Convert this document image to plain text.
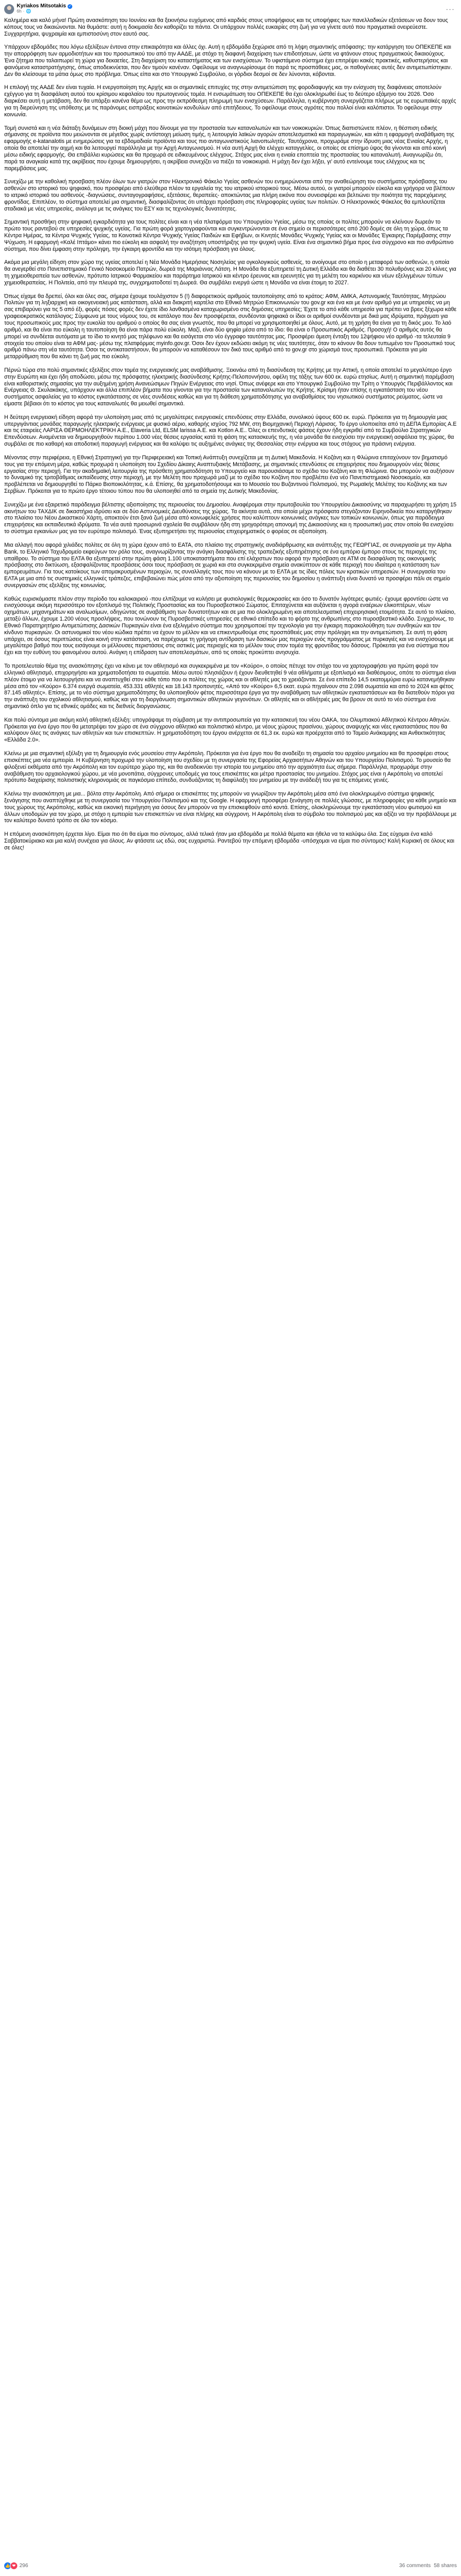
Kyriakos Mitsotakis ✓
6h · 🌐	···

Καλημέρα και καλό μήνα! Πρώτη ανασκόπηση του Ιουνίου και θα ξεκινήσω ευχόμενος από καρδιάς στους υποψήφιους και τις υποψήφιες των πανελλαδικών εξετάσεων να δουν τους κόπους τους να δικαιώνονται. Να θυμάστε: αυτή η δοκιμασία δεν καθορίζει τα πάντα. Οι υπάρχουν πολλές ευκαιρίες στη ζωή για να γίνετε αυτό που πραγματικά ονειρεύεστε. Συγχαρητήρια, ψυχραιμία και εμπιστοσύνη στον εαυτό σας.

Υπάρχουν εβδομάδες που λόγω εξελίξεων έντονα στην επικαιρότητα και άλλες όχι. Αυτή η εβδομάδα ξεχώρισε από τη λήψη σημαντικής απόφασης: την κατάργηση του ΟΠΕΚΕΠΕ και την απορρόφηση των αρμοδιοτήτων και του προσωπικού του από την ΑΑΔΕ, με στόχο τη διαφανή διαχείριση των επιδοτήσεων, ώστε να φτάνουν στους πραγματικούς δικαιούχους. Ένα ζήτημα που ταλαιπωρεί τη χώρα για δεκαετίες. Στη διαχείριση του καταστήματος και των ενισχύσεων. Το υφιστάμενο σύστημα έχει επιτρέψει κακές πρακτικές, καθυστερήσεις και φαινόμενα καταστρατήγησης, όπως αποδεικνύεται, που δεν τιμούν κανέναν. Οφείλουμε να αναγνωρίσουμε ότι παρά τις προσπάθειες μας, οι παθογένειες αυτές δεν αντιμετωπίστηκαν. Δεν θα κλείσουμε τα μάτια όμως στο πρόβλημα. Όπως είπα και στο Υπουργικό Συμβούλιο, οι γόρδιοι δεσμοί σε δεν λύνονται, κόβονται.

Η επιλογή της ΑΑΔΕ δεν είναι τυχαία. Η ενεργοποίηση της Αρχής και οι σημαντικές επιτυχίες της στην αντιμετώπιση της φοροδιαφυγής και την ενίσχυση της διαφάνειας αποτελούν εχέγγυο για τη διασφάλιση αυτού του κρίσιμου κεφαλαίου του πρωτογενούς τομέα. Η ενσωμάτωση του ΟΠΕΚΕΠΕ θα έχει ολοκληρωθεί έως το δεύτερο εξάμηνο του 2026. Όσο διαρκέσει αυτή η μετάβαση, δεν θα υπάρξει κανένα θέμα ως προς την εκπρόθεσμη πληρωμή των ενισχύσεων. Παράλληλα, η κυβέρνηση συνεργάζεται πλήρως με τις ευρωπαϊκές αρχές για τη διερεύνηση της υπόθεσης με τις παράνομες εισπράξεις κοινοτικών κονδυλίων από επιτήδειους. Το οφείλουμε στους αγρότες που πολλοί είναι καλόπιστοι. Το οφείλουμε στην κοινωνία.

Τομή συνιστά και η νέα διάταξη δυνάμεων στη διοική μάχη που δίνουμε για την προστασία των καταναλωτών και των νοικοκυριών. Όπως διαπιστώνετε πλέον, η θέσπιση ειδικής σήμανσης σε προϊόντα που μειώνονται σε μέγεθος χωρίς αντίστοιχη μείωση τιμής, η λειτουργία λαϊκών αγορών αποτελεσματικά και παραγωγικών, και κάτι η εφαρμογή αναβάθμιση της εφαρμογής e-katanalotis με ενημερώσεις για τα εβδομαδιαία προϊόντα και τους πιο ανταγωνιστικούς λιανοπωλητές. Ταυτόχρονα, προχωράμε στην ίδρυση μιας νέας Ενιαίας Αρχής, η οποία θα αποτελεί την αιχμή και θα λειτουργεί παράλληλα με την Αρχή Ανταγωνισμού. Η νέα αυτή Αρχή θα ελέγχει καταγγελίες, οι οποίες σε επίσημο ύψος θα γίνονται και από κοινή μέσω ειδικής εφαρμογής. Θα επιβάλλει κυρώσεις και θα προχωρά σε ειδικευμένους ελέγχους. Στόχος μας είναι η ενιαία εποπτεία της προστασίας του καταναλωτή. Αναγνωρίζω ότι, παρά τα αναγκαία κατά της ακρίβειας που έχουμε δημιουργήσει, η ακρίβεια συνεχίζει να πιέζει τα νοικοκυριά. Η μάχη δεν έχει λήξει, γι' αυτό εντείνουμε τους ελέγχους και τις παρεμβάσεις μας.

Συνεχίζω με την καθολική προσβαση πλέον όλων των γιατρών στον Ηλεκτρονικό Φάκελο Υγείας ασθενών του ενημερώνονται από την αναθεώρηση του συστήματος πρόσβασης του ασθενών στο ιστορικό του ψηφιακό, που προσφέρει από ελεύθερα πλέον τα εργαλεία της του ιατρικού ιστορικού τους. Μέσω αυτού, οι γιατροί μπορούν εύκολα και γρήγορα να βλέπουν το ιατρικό ιστορικό του ασθενούς -διαγνώσεις, συνταγογραφήσεις, εξετάσεις, θεραπείες- αποκτώντας μια πλήρη εικόνα που συνεισφέρει και βελτιώνει την ποιότητα της παρεχόμενης φροντίδας. Επιπλέον, το σύστημα αποτελεί μια σημαντική, διασφαλίζοντας ότι υπάρχει πρόσβαση στις πληροφορίες υγείας των πολιτών. Ο Ηλεκτρονικός Φάκελος θα εμπλουτίζεται σταδιακά με νέες υπηρεσίες, ανάλογα με τις ανάγκες του ΕΣΥ και τις τεχνολογικές δυνατότητες.

Σημαντική προσθήκη στην ψηφιακή εγκαρδιότητα για τους πολίτες είναι και η νέα πλατφόρμα του Υπουργείου Υγείας, μέσω της οποίας οι πολίτες μπορούν να κλείνουν δωρεάν το πρώτο τους ραντεβού σε υπηρεσίες ψυχικής υγείας. Για πρώτη φορά χαρτογραφούνται και συγκεντρώνονται σε ένα σημείο οι περισσότερες από 200 δομές σε όλη τη χώρα, όπως τα Κέντρα Ημέρας, τα Κέντρα Ψυχικής Υγείας, τα Κοινοτικά Κέντρα Ψυχικής Υγείας Παιδιών και Εφήβων, οι Κινητές Μονάδες Ψυχικής Υγείας και οι Μονάδες Έγκαιρης Παρέμβασης στην Ψύχωση. Η εφαρμογή «Καλέ Ιπτάμο» κάνει πιο εύκολη και ασφαλή την αναζήτηση υποστήριξης για την ψυχική υγεία. Είναι ένα σημαντικό βήμα προς ένα σύγχρονο και πιο ανθρώπινο σύστημα, που δίνει έμφαση στην πρόληψη, την έγκαιρη φροντίδα και την ισότιμη πρόσβαση για όλους.

Ακόμα μια μεγάλη είδηση στον χώρο της υγείας αποτελεί η Νέα Μονάδα Ημερήσιας Νοσηλείας για ογκολογικούς ασθενείς, το ανοίγουμε στο οποίο η μεταφορά των ασθενών, η οποία θα ανεγερθεί στο Πανεπιστημιακό Γενικό Νοσοκομείο Πατρών, δωρεά της Μαριάννας Λάτση. Η Μονάδα θα εξυπηρετεί τη Δυτική Ελλάδα και θα διαθέτει 30 πολυθρόνες και 20 κλίνες για τη χημειοθεραπεία των ασθενών, πρότυπο Ιατρικού Φαρμακείου και παράρτημα Ιατρικού και κέντρο έρευνας και ερευνητές για τη μελέτη του καρκίνου και νέων εξελιγμένων τύπων χημειοθεραπείας. Η Πολιτεία, από την πλευρά της, συγχρηματοδοτεί τη Δωρεά. Θα συμβάλει ενεργά ώστε η Μονάδα να είναι έτοιμη το 2027.

Όπως είχαμε θα δρεπεί, όλοι και όλες σας, σήμερα έχουμε τουλάχιστον 5 (!) διαφορετικούς αριθμούς ταυτοποίησης από το κράτος: ΑΦΜ, ΑΜΚΑ, Αστυνομικής Ταυτότητας, Μητρώου Πολιτών για τη ληξιαρχική και οικογενειακή μας κατάσταση, αλλά και διακριτή καρτέλα στο Εθνικό Μητρώο Επικοινωνιών του gov.gr και ένα και με έναν αριθμό για με υπηρεσίες να μη σας επιβαρύνει για τις 5 από έξι, φορές πόσες φορές δεν έχετε ίδιο λανθασμένα καταχωρισμένο στις δημόσιες υπηρεσίες; Έχετε το από κάθε υπηρεσία για πρέπει να βρεις ξέχωρα κάθε γραφειοκρατικός κατάλογος; Σύμφωνα με τους νόμους του, σε κατάλογο που δεν προσφέρεται, συνδέονται ψηφιακά οι ίδιοι οι αριθμοί συνδέονται με δικά μας ιδρύματα, πράγματι για τους προσωπικούς μας προς την ευκολία του αριθμού ο οποίος θα σας είναι γνωστός, που θα μπορεί να χρησιμοποιηθεί με όλους. Αυτό, με τη χρήση θα είναι για τη δικός μου. Το λαό αριθμό, και θα είναι πιο εύκολη η ταυτοποίηση θα είναι πάρα πολύ εύκολη. Μαζί, είναι δύο ψηφία μέσα από το ίδιο: θα είναι ο Προσωπικός Αριθμός. Προσοχή! Ο αριθμός αυτός θα μπορεί να συνδέεται αυτόματα με το ίδιο το κινητό μας τηλέφωνο και θα εισάγεται στο νέο έγγραφο ταυτότητας μας. Προσφέρει άμεση ένταξη του 12ψήφιου νέο αριθμό -τα τελευταία 9 στοιχεία του οποίου είναι τα ΑΦΜ μας- μέσω της πλατφόρμας myinfo.gov.gr. Όσοι δεν έχουν εκδώσει ακόμη τις νέες ταυτότητες, όταν το κάνουν θα δουν τυπωμένο τον Προσωπικό τους αριθμό πάνω στη νέα ταυτότητα. Όσοι τις αντικαταστήσουν, θα μπορούν να καταθέσουν τον δικό τους αριθμό από το gov.gr στο χώρισμά τους προσωπικά. Πρόκειται για μία μεταρρύθμιση που θα κάνει τη ζωή μας πιο εύκολη.

Πέρνώ τώρα στο πολύ σημαντικές εξελίξεις στον τομέα της ενεργειακής μας αναβάθμισης. Ξεκινάω από τη διασύνδεση της Κρήτης με την Αττική, η οποία αποτελεί το μεγαλύτερο έργο στην Ευρώπη και έχει ήδη αποδώσει, μέσω της πρόσφατης ηλεκτρικής διασύνδεσης Κρήτης-Πελοποννήσου, οφέλη της τάξης των 600 εκ. ευρώ ετησίως. Αυτή η σημαντική παρέμβαση είναι καθοριστικής σημασίας για την αυξημένη χρήση Ανανεώσιμων Πηγών Ενέργειας στο νησί. Όπως ανέφερε και στο Υπουργικό Συμβούλιο την Τρίτη ο Υπουργός Περιβάλλοντος και Ενέργειας Θ. Σκυλακάκης, υπάρχουν και άλλα επιπλέον βήματα που γίνονται για την προστασία των καταναλωτών της Κρήτης. Κρίσιμη ήταν επίσης η εγκατάσταση του νέου συστήματος ασφαλείας για το κόστος εγκατάστασης σε νέες συνδέσεις καθώς και για τη διάθεση χρηματοδότησης για αναβαθμίσεις του νησιωτικού συστήματος ρεύματος, ώστε να είμαστε βέβαιοι ότι το κόστος για τους καταναλωτές θα μειωθεί σημαντικά.

Η δεύτερη ενεργειακή είδηση αφορά την υλοποίηση μιας από τις μεγαλύτερες ενεργειακές επενδύσεις στην Ελλάδα, συνολικού ύψους 600 εκ. ευρώ. Πρόκειται για τη δημιουργία μιας υπεργιγάντιας μονάδας παραγωγής ηλεκτρικής ενέργειας με φυσικό αέριο, καθαρής ισχύος 792 MW, στη Βιομηχανική Περιοχή Λάρισας. Το έργο υλοποιείται από τη ΔΕΠΑ Εμπορίας Α.Ε και τις εταιρείες ΛΑΡΙΣΑ ΘΕΡΜΟΗΛΕΚΤΡΙΚΗ Α.Ε., Elaveria Ltd, ELSM larissa A.E. και Kotlon A.E.. Όλες οι επενδυτικές φάσεις έχουν ήδη εγκριθεί από το Συμβούλιο Στρατηγικών Επενδύσεων. Αναμένεται να δημιουργηθούν περίπου 1.000 νέες θέσεις εργασίας κατά τη φάση της κατασκευής της, η νέα μονάδα θα ενισχύσει την ενεργειακή ασφάλεια της χώρας, θα συμβάλει σε πιο καθαρή και αποδοτική παραγωγή ενέργειας και θα καλύψει τις αυξημένες ανάγκες της Θεσσαλίας στην ενέργεια και τους στόχους για πράσινη ενέργεια.

Μένοντας στην περιφέρεια, η Εθνική Στρατηγική για την Περιφερειακή και Τοπική Ανάπτυξη συνεχίζεται με τη Δυτική Μακεδονία. Η Κοζάνη και η Φλώρινα επιταχύνουν τον βηματισμό τους για την επόμενη μέρα, καθώς προχωρά η υλοποίηση του Σχεδίου Δίκαιης Αναπτυξιακής Μετάβασης, με σημαντικές επενδύσεις σε επιχειρήσεις που δημιουργούν νέες θέσεις εργασίας στην περιοχή. Για την ακαδημαϊκή λειτουργία της πρόσθετη χρηματοδότηση το Υπουργείο και παρουσιάσαμε το σχέδιο του Κοζάνη και τη Φλώρινα. Θα μπορούν να αυξήσουν το δυναμικό της τριτοβάθμιας εκπαίδευσης στην περιοχή, με την Μελέτη που προχωρά μαζί με το σχέδιο του Κοζάνη που προβλέπει ένα νέο Πανεπιστημιακό Νοσοκομείο, και προβλέπεται να δημιουργηθεί το Πάρκο Βιοποικιλότητας, κ.ά. Επίσης, θα χρηματοδοτήσουμε και το Μουσείο του Βυζαντινού Πολιτισμού, της Ρωμαϊκής Μελέτης του Κοζάνης και των Σερβίων. Πρόκειται για το πρώτο έργο τέτοιου τύπου που θα υλοποιηθεί από τα σημεία της Δυτικής Μακεδονίας.

Συνεχίζω με ένα εξαιρετικό παράδειγμα βέλτιστης αξιοποίησης της περιουσίας του Δημοσίου. Αναφέρομαι στην πρωτοβουλία του Υπουργείου Δικαιοσύνης να παραχωρήσει τη χρήση 15 ακινήτων του ΤΑΧΔΙΚ σε δικαστήρια ιδρύσει και σε δύο Αστυνομικές Διευθύνσεις της χώρας. Τα ακίνητα αυτά, στα οποία μέχρι πρόσφατα στεγάζονταν Ειρηνοδικεία που καταργήθηκαν στο πλαίσιο του Νέου Δικαστικού Χάρτη, αποκτούν έτσι ξανά ζωή μέσα από κοινωφελείς χρήσεις που καλύπτουν κοινωνικές ανάγκες των τοπικών κοινωνιών, όπως για παράδειγμα επιχειρήσεις και εκπαιδευτικά ιδρύματα. Τα νέα αυτά προσωρινά σχολεία θα συμβάλουν ήδη στη γρηγορότερη απονομή της Δικαιοσύνης και η προσωπική μας στον οποίο θα ενισχύσει το σύστημα εγκαινίων μας για τον ευρύτερο πολιτισμό. Ένας εξυπηρετήσει της περιουσίας επιχειρηματικός ο φορέας σε αξιοποίηση.

Μια αλλαγή που αφορά χιλιάδες πολίτες σε όλη τη χώρα έχουν από το ΕΑΤΑ, στο πλαίσιο της στρατηγικής αναδιάρθρωσης και ανάπτυξης της ΓΕΩΡΓΙΑΣ, σε συνεργασία με την Alpha Bank, το Ελληνικό Ταχυδρομείο εκφεύγων τον ρόλο τους, αναγνωρίζοντας την ανάγκη διασφάλισης της τραπεζικής εξυπηρέτησης σε ένα εμπόριο έμπορο στους τις περιοχές της υπαίθρου. Το σύστημα του ΕΛΤΑ θα εξυπηρετεί στην πρώτη φάση 1.100 υποκαταστήματα που επί ελάχιστων που αφορά την πρόσβαση σε ΑΤΜ σε διασφάλιση της οικονομικής πρόσβασης στο δικτύωση, εξασφαλίζοντας προσβάσεις όσοι τους πρόσβαση σε χωριά και στα συγκεκριμένα σημεία ανακύπτουν σε κάθε περιοχή που ιδιαίτερα η κατάσταση των εμπορευμάτων. Για τους κατοίκους των απομακρυσμένων περιοχών, τις συναλλαγές τους που να κάνουν με το ΕΛΤΑ με τις ίδιες πόλεις των κρατικών υπηρεσιών. Η συνεργασία του ΕΛΤΑ με μια από τις συστημικές ελληνικές τράπεζες, επιβεβαιώνει πώς μέσα από την αξιοποίηση της περιουσίας του δημοσίου η ανάπτυξη είναι δυνατό να προσφέρει πάλι σε σημείο συνεργασιών στις εξελίξεις της κοινωνίας.

Καθώς ευρισκόμαστε πλέον στην περίοδο του καλοκαιριού -που ελπίζουμε να κυλήσει με φυσιολογικές θερμοκρασίες και όσο το δυνατόν λιγότερες φωτιές- έχουμε φροντίσει ώστε να ενισχύσουμε ακόμη περισσότερο τον εξοπλισμό της Πολιτικής Προστασίας και του Πυροσβεστικού Σώματος. Επιταχύνεται και αυξάνεται η αγορά εναέριων ελικοπτέρων, νέων οχημάτων, μηχανημάτων και αναλωσίμων, οδηγώντας σε αναβάθμιση των δυνατοτήτων και σε μια πιο ολοκληρωμένη και αποτελεσματική επιχειρησιακή ετοιμότητα. Σε αυτό το πλαίσιο, μεταξύ άλλων, έχουμε 1.200 νέους προσλήψεις, που τονώνουν τις Πυροσβεστικές υπηρεσίες σε εθνικό επίπεδο και το φόρτο της ανθρωπίνης στο πυροσβεστικό κλάδο. Συγχρόνως, το Εθνικό Παρατηρητήριο Αντιμετώπισης Δασικών Πυρκαγιών είναι ένα εξελιγμένο σύστημα που χρησιμοποιεί την τεχνολογία για την έγκαιρη παρακολούθηση των συνθηκών και τον κίνδυνο πυρκαγιών. Οι αστυνομικοί του νέου κώδικα πρέπει να έχουν το μέλλον και να επικεντρωθούμε στις προσπάθειές μας στην πρόληψη και την αντιμετώπιση. Σε αυτή τη φάση υπάρχει, σε όσους περιπτώσεις είναι κοινή στην κατάσταση, να παρέχουμε τη γρήγορη αντίδραση των δασικών μας περιοχών ενός προγράμματος με πυρκαγιές και να ενισχύσουμε με μεγαλύτερο βαθμό που τους εισάγουμε οι μέλλουσες περιστάσεις στις αστικές μας περιοχές και το μέλλον τους στον τομέα της φροντίδας του δάσους. Πρόκειται για ένα σύστημα που έχει και την ευθύνη του φαινομένου αυτού. Ανάγκη η επίδραση των αποτελεσμάτων, από τις οποίες προκύπτει ανησυχία.

Το προτελευταίο θέμα της ανασκόπησης έχει να κάνει με τον αθλητισμό και συγκεκριμένα με τον «Κούρο», ο οποίος πέτυχε τον στόχο του να χαρτογραφήσει για πρώτη φορά τον ελληνικό αθλητισμό, επιχορηγήσει και χρηματοδοτήσει τα σωματεία. Μέσω αυτού πλησιάζουν ή έχουν διευθετηθεί 9 νέα αθλήματα με εξοπλισμό και διαθέσιμους, οπότε το σύστημα είναι πλέον έτοιμο για να λειτουργήσει και να αναπτυχθεί στον κάθε τόπο που οι πολίτες της χώρας και οι αθλητές μας το χρειάζονται. Σε ένα επίπεδο 14,5 εκατομμύρια ευρώ κατανεμήθηκαν μέσα από τον «Κούρο» 6.374 ενεργά σωματεία, 453.331 αθλητές και 18.143 προπονητές, «Από τον «Κούρο» 6,5 εκατ. ευρώ πηγαίνουν στα 2.098 σωματεία και από το 2024 και φέτος 87.145 αθλητές». Επίσης, με το νέο σύστημα χρηματοδότησης θα υλοποιηθούν φέτος περισσότερα έργα για την αναβάθμιση των αθλητικών εγκαταστάσεων και θα διατεθούν πόροι για την ανάπτυξη του σχολικού αθλητισμού, καθώς και για τη διοργάνωση σημαντικών αθλητικών γεγονότων. Οι αθλητές και οι αθλήτριές μας θα βρουν σε αυτό το νέο σύστημα ένα σημαντικό όπλο για τις εθνικές ομάδες και τις διεθνείς διοργανώσεις.

Και πολύ σύντομα μια ακόμη καλή αθλητική εξέλιξη: υπογράψαμε τη σύμβαση με την αντιπροσωπεία για την κατασκευή του νέου ΟΑΚΑ, του Ολυμπιακού Αθλητικού Κέντρου Αθηνών. Πρόκειται για ένα έργο που θα μετατρέψει τον χώρο σε ένα σύγχρονο αθλητικό και πολιτιστικό κέντρο, με νέους χώρους πρασίνου, χώρους αναψυχής και νέες εγκαταστάσεις που θα καλύψουν όλες τις ανάγκες των αθλητών και των επισκεπτών. Η χρηματοδότηση του έργου ανέρχεται σε 61,3 εκ. ευρώ και προέρχεται από το Ταμείο Ανάκαμψης και Ανθεκτικότητας «Ελλάδα 2.0».

Κλείνω με μια σημαντική εξέλιξη για τη δημιουργία ενός μουσείου στην Ακρόπολη. Πρόκειται για ένα έργο που θα αναδείξει τη σημασία του αρχαίου μνημείου και θα προσφέρει στους επισκέπτες μια νέα εμπειρία. Η Κυβέρνηση προχωρά την υλοποίηση του σχεδίου με τη συνεργασία της Εφορείας Αρχαιοτήτων Αθηνών και του Υπουργείου Πολιτισμού. Το μουσείο θα φιλοξενεί εκθέματα από την Ακρόπολη και τον ευρύτερο χώρο της, και θα αναδεικνύει την ιστορία του μνημείου από την αρχαιότητα έως σήμερα. Παράλληλα, προχωράμε στην αναβάθμιση του αρχαιολογικού χώρου, με νέα μονοπάτια, σύγχρονες υποδομές για τους επισκέπτες και μέτρα προστασίας του μνημείου. Στόχος μας είναι η Ακρόπολη να αποτελεί πρότυπο διαχείρισης πολιτιστικής κληρονομιάς σε παγκόσμιο επίπεδο, συνδυάζοντας τη διαφύλαξη του μνημείου με την ανάδειξή του για τις επόμενες γενιές.

Κλείνω την ανασκόπηση με μια... βόλτα στην Ακρόπολη. Από σήμερα οι επισκέπτες της μπορούν να γνωρίζουν την Ακρόπολη μέσα από ένα ολοκληρωμένο σύστημα ψηφιακής ξενάγησης που αναπτύχθηκε με τη συνεργασία του Υπουργείου Πολιτισμού και της Google. Η εφαρμογή προσφέρει ξενάγηση σε πολλές γλώσσες, με πληροφορίες για κάθε μνημείο και τους χώρους της Ακρόπολης, καθώς και εικονική περιήγηση για όσους δεν μπορούν να την επισκεφθούν από κοντά. Επίσης, ολοκληρώνουμε την εγκατάσταση νέου φωτισμού και άλλων υποδομών για τον χώρο, με στόχο η εμπειρία των επισκεπτών να είναι πλήρης και σύγχρονη. Η Ακρόπολη είναι το σύμβολο του πολιτισμού μας και αξίζει να την προβάλλουμε με τον καλύτερο δυνατό τρόπο σε όλο τον κόσμο.

Η επόμενη ανασκόπηση έρχεται λίγο. Είμαι πιο ότι θα είμαι πιο σύντομος, αλλά τελικά ήταν μια εβδομάδα με πολλά θέματα και ήθελα να τα καλύψω όλα. Σας εύχομαι ένα καλό Σαββατοκύριακο και μια καλή συνέχεια για όλους. Αν φτάσατε ως εδώ, σας ευχαριστώ. Ραντεβού την επόμενη εβδομάδα -υπόσχομαι να είμαι πιο σύντομος! Καλή Κυριακή σε όλους και σε όλες!

👍 ❤ 296	36 comments 58 shares
